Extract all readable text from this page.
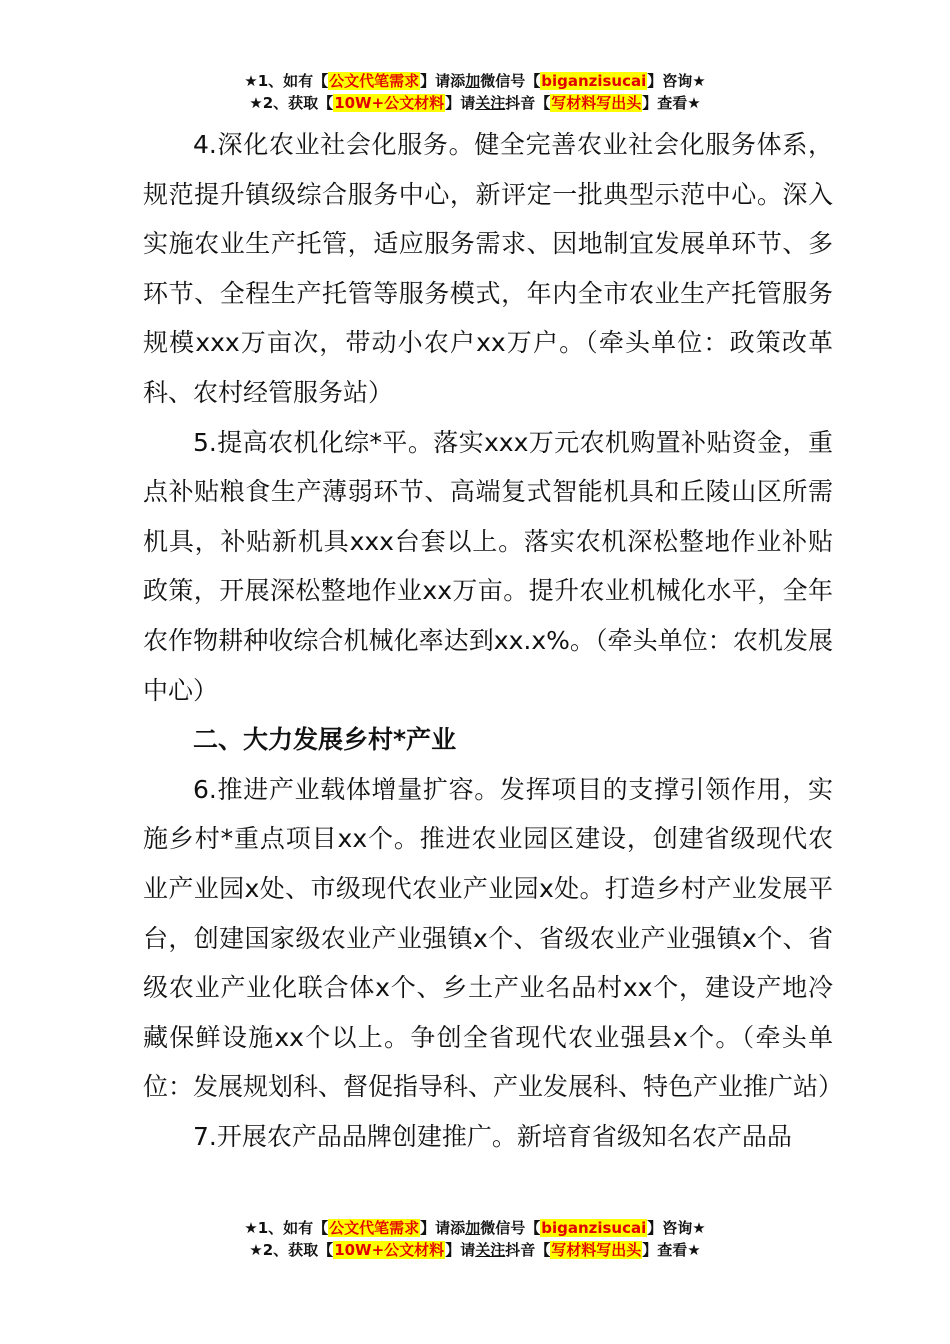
★1、如有【公文代笔需求】请添加微信号【biganzisucai】咨询★
★2、获取【10W+公文材料】请关注抖音【写材料写出头】查看★

4.深化农业社会化服务。健全完善农业社会化服务体系，规范提升镇级综合服务中心，新评定一批典型示范中心。深入实施农业生产托管，适应服务需求、因地制宜发展单环节、多环节、全程生产托管等服务模式，年内全市农业生产托管服务规模xxx万亩次，带动小农户xx万户。（牵头单位：政策改革科、农村经管服务站）

5.提高农机化综*平。落实xxx万元农机购置补贴资金，重点补贴粮食生产薄弱环节、高端复式智能机具和丘陵山区所需机具，补贴新机具xxx台套以上。落实农机深松整地作业补贴政策，开展深松整地作业xx万亩。提升农业机械化水平，全年农作物耕种收综合机械化率达到xx.x%。（牵头单位：农机发展中心）

二、大力发展乡村*产业

6.推进产业载体增量扩容。发挥项目的支撑引领作用，实施乡村*重点项目xx个。推进农业园区建设，创建省级现代农业产业园x处、市级现代农业产业园x处。打造乡村产业发展平台，创建国家级农业产业强镇x个、省级农业产业强镇x个、省级农业产业化联合体x个、乡土产业名品村xx个，建设产地冷藏保鲜设施xx个以上。争创全省现代农业强县x个。（牵头单位：发展规划科、督促指导科、产业发展科、特色产业推广站）

7.开展农产品品牌创建推广。新培育省级知名农产品品

★1、如有【公文代笔需求】请添加微信号【biganzisucai】咨询★
★2、获取【10W+公文材料】请关注抖音【写材料写出头】查看★
